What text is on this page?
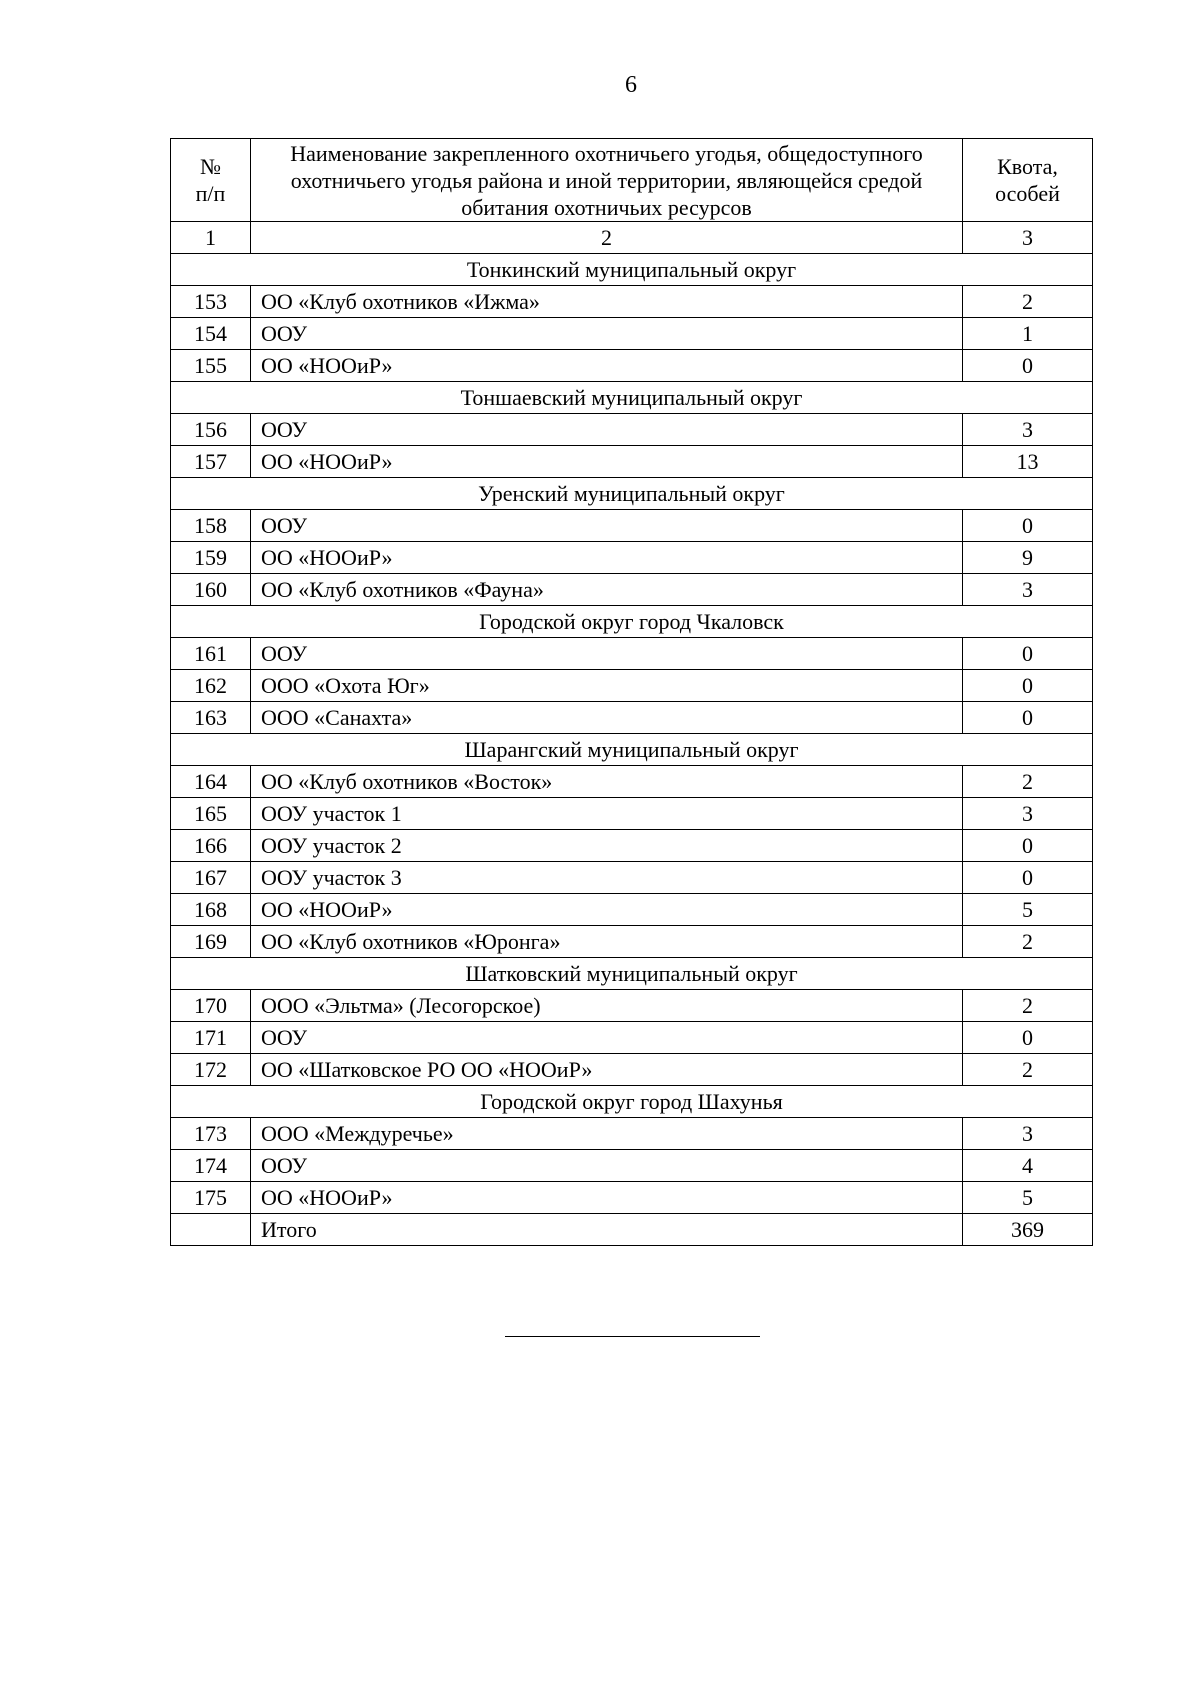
6
№ п/п	Наименование закрепленного охотничьего угодья, общедоступного охотничьего угодья района и иной территории, являющейся средой обитания охотничьих ресурсов	Квота, особей
1	2	3
Тонкинский муниципальный округ		
153	ОО «Клуб охотников «Ижма»	2
154	ООУ	1
155	ОО «НООиР»	0
Тоншаевский муниципальный округ		
156	ООУ	3
157	ОО «НООиР»	13
Уренский муниципальный округ		
158	ООУ	0
159	ОО «НООиР»	9
160	ОО «Клуб охотников «Фауна»	3
Городской округ город Чкаловск		
161	ООУ	0
162	ООО «Охота Юг»	0
163	ООО «Санахта»	0
Шарангский муниципальный округ		
164	ОО «Клуб охотников «Восток»	2
165	ООУ участок 1	3
166	ООУ участок 2	0
167	ООУ участок 3	0
168	ОО «НООиР»	5
169	ОО «Клуб охотников «Юронга»	2
Шатковский муниципальный округ		
170	ООО «Эльтма» (Лесогорское)	2
171	ООУ	0
172	ОО «Шатковское РО ОО «НООиР»	2
Городской округ город Шахунья		
173	ООО «Междуречье»	3
174	ООУ	4
175	ОО «НООиР»	5
	Итого	369
